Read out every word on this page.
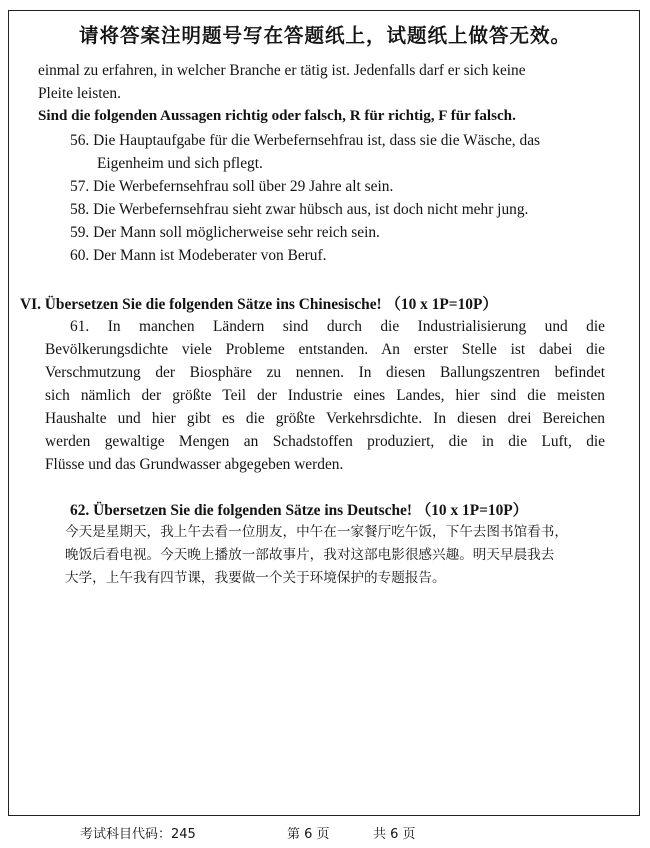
请将答案注明题号写在答题纸上，试题纸上做答无效。
einmal zu erfahren, in welcher Branche er tätig ist. Jedenfalls darf er sich keine
Pleite leisten.
Sind die folgenden Aussagen richtig oder falsch, R für richtig, F für falsch.
56. Die Hauptaufgabe für die Werbefernsehfrau ist, dass sie die Wäsche, das
Eigenheim und sich pflegt.
57. Die Werbefernsehfrau soll über 29 Jahre alt sein.
58. Die Werbefernsehfrau sieht zwar hübsch aus, ist doch nicht mehr jung.
59. Der Mann soll möglicherweise sehr reich sein.
60. Der Mann ist Modeberater von Beruf.
VI. Übersetzen Sie die folgenden Sätze ins Chinesische! （10 x 1P=10P）
61. In manchen Ländern sind durch die Industrialisierung und die
Bevölkerungsdichte viele Probleme entstanden. An erster Stelle ist dabei die
Verschmutzung der Biosphäre zu nennen. In diesen Ballungszentren befindet
sich nämlich der größte Teil der Industrie eines Landes, hier sind die meisten
Haushalte und hier gibt es die größte Verkehrsdichte. In diesen drei Bereichen
werden gewaltige Mengen an Schadstoffen produziert, die in die Luft, die
Flüsse und das Grundwasser abgegeben werden.
62. Übersetzen Sie die folgenden Sätze ins Deutsche! （10 x 1P=10P）
今天是星期天，我上午去看一位朋友，中午在一家餐厅吃午饭，下午去图书馆看书，
晚饭后看电视。今天晚上播放一部故事片，我对这部电影很感兴趣。明天早晨我去
大学，上午我有四节课，我要做一个关于环境保护的专题报告。
考试科目代码：245	第 6 页	共 6 页
